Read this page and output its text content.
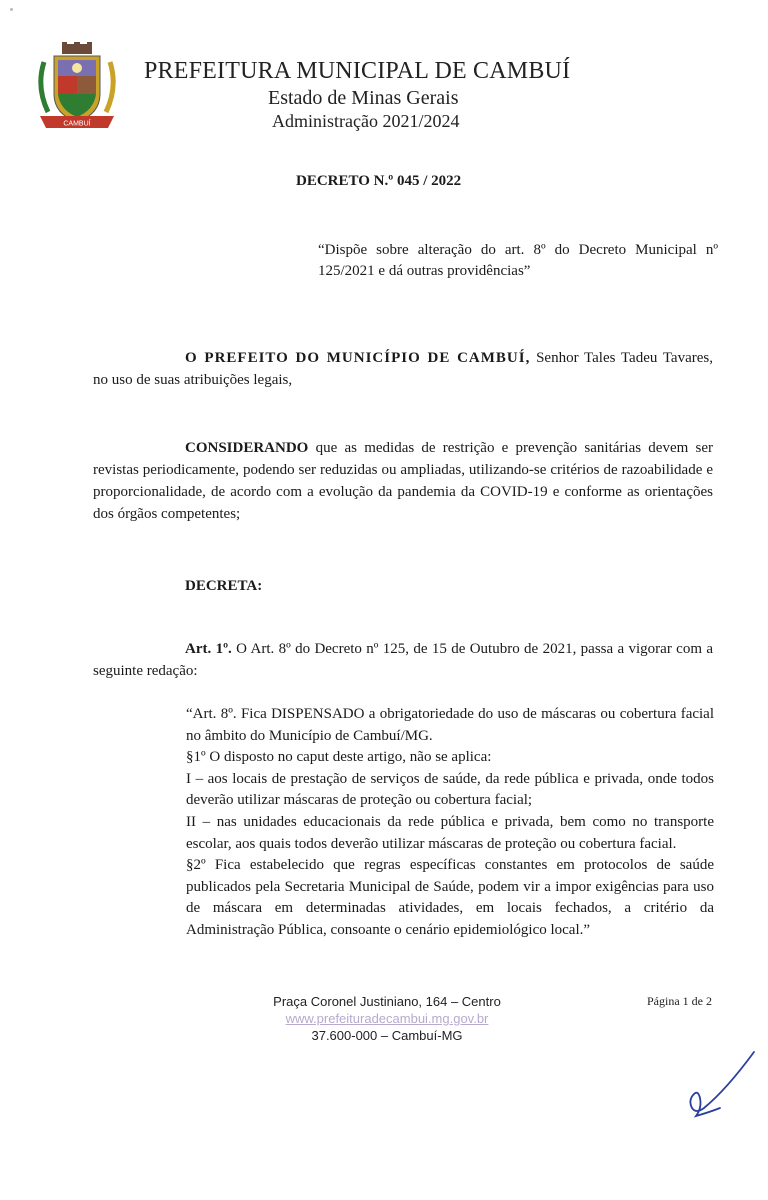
CAMBUÍ
PREFEITURA MUNICIPAL DE CAMBUÍ
Estado de Minas Gerais
Administração 2021/2024
DECRETO N.º 045 / 2022
“Dispõe sobre alteração do art. 8º do Decreto Municipal nº 125/2021 e dá outras providências”
O PREFEITO DO MUNICÍPIO DE CAMBUÍ, Senhor Tales Tadeu Tavares, no uso de suas atribuições legais,
CONSIDERANDO que as medidas de restrição e prevenção sanitárias devem ser revistas periodicamente, podendo ser reduzidas ou ampliadas, utilizando-se critérios de razoabilidade e proporcionalidade, de acordo com a evolução da pandemia da COVID-19 e conforme as orientações dos órgãos competentes;
DECRETA:
Art. 1º. O Art. 8º do Decreto nº 125, de 15 de Outubro de 2021, passa a vigorar com a seguinte redação:

“Art. 8º. Fica DISPENSADO a obrigatoriedade do uso de máscaras ou cobertura facial no âmbito do Município de Cambuí/MG.

§1º O disposto no caput deste artigo, não se aplica:

I – aos locais de prestação de serviços de saúde, da rede pública e privada, onde todos deverão utilizar máscaras de proteção ou cobertura facial;

II – nas unidades educacionais da rede pública e privada, bem como no transporte escolar, aos quais todos deverão utilizar máscaras de proteção ou cobertura facial.

§2º Fica estabelecido que regras específicas constantes em protocolos de saúde publicados pela Secretaria Municipal de Saúde, podem vir a impor exigências para uso de máscara em determinadas atividades, em locais fechados, a critério da Administração Pública, consoante o cenário epidemiológico local.”

Praça Coronel Justiniano, 164 – Centro
www.prefeituradecambui.mg.gov.br
37.600-000 – Cambuí-MG
Página 1 de 2
